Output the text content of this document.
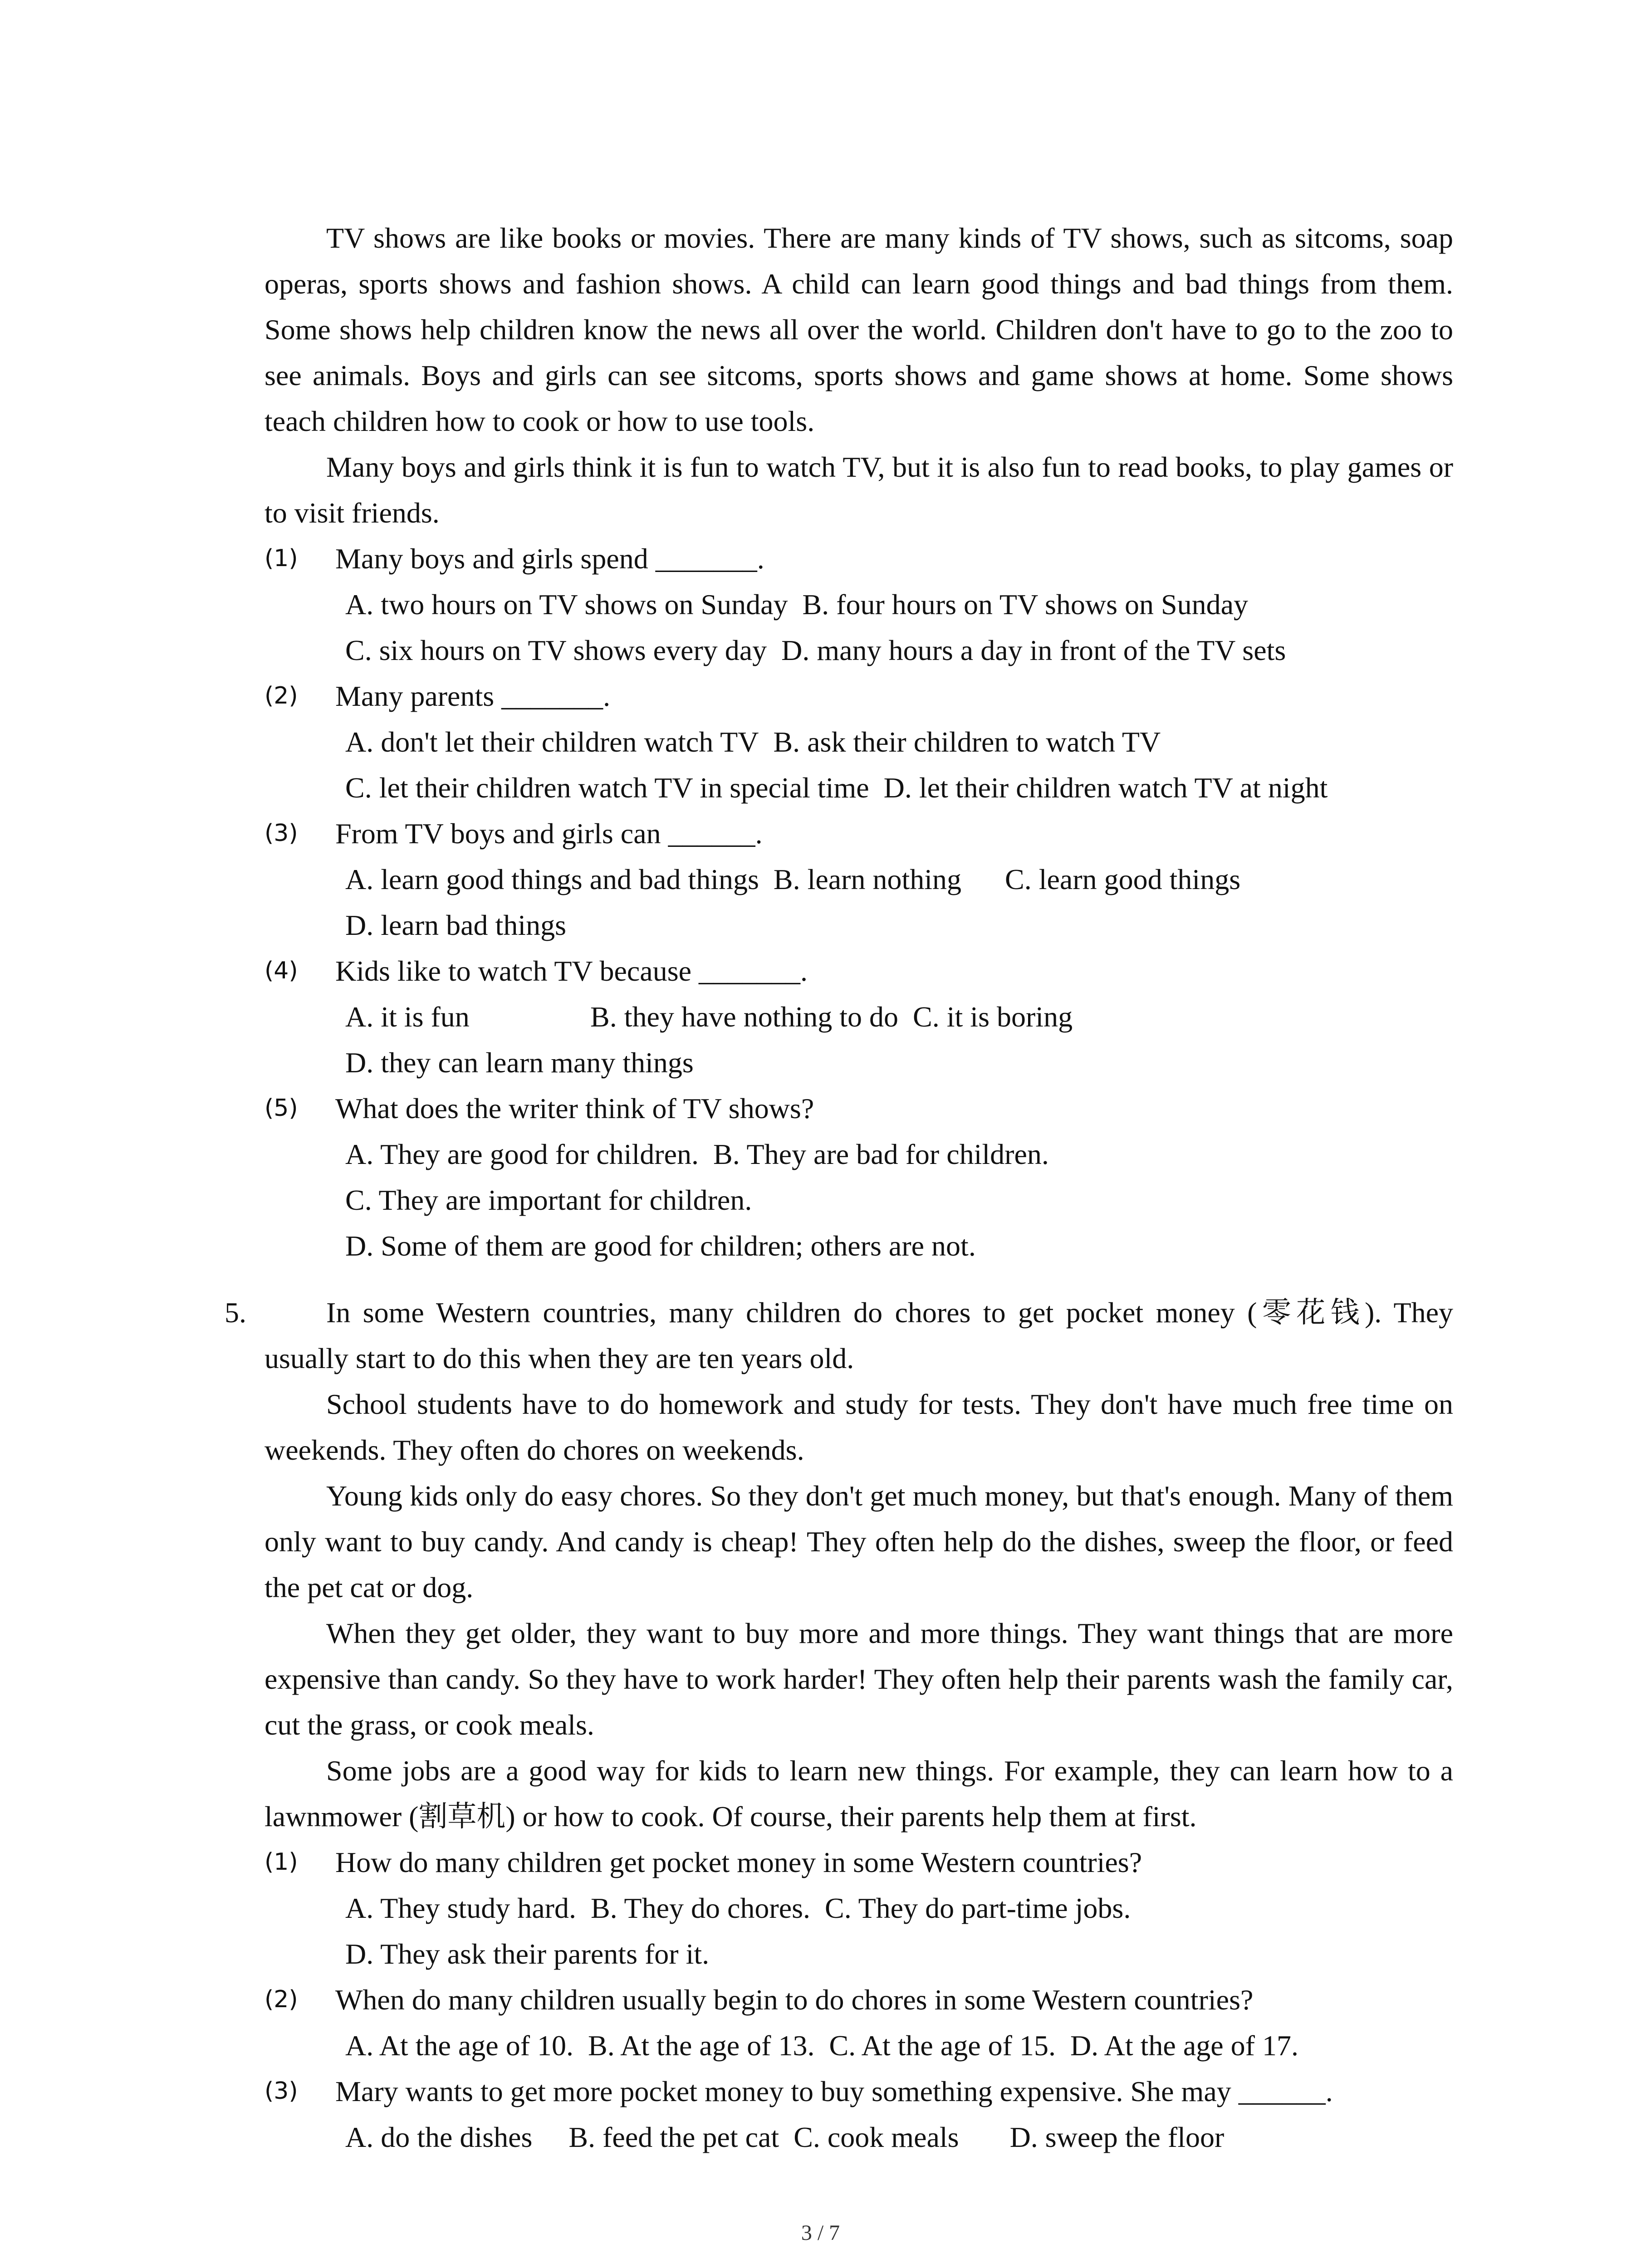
TV shows are like books or movies. There are many kinds of TV shows, such as sitcoms, soap operas, sports shows and fashion shows. A child can learn good things and bad things from them. Some shows help children know the news all over the world. Children don't have to go to the zoo to see animals. Boys and girls can see sitcoms, sports shows and game shows at home. Some shows teach children how to cook or how to use tools.

Many boys and girls think it is fun to watch TV, but it is also fun to read books, to play games or to visit friends.

(1) Many boys and girls spend _______.
A. two hours on TV shows on Sunday B. four hours on TV shows on Sunday
C. six hours on TV shows every day D. many hours a day in front of the TV sets
(2) Many parents _______.
A. don't let their children watch TV B. ask their children to watch TV
C. let their children watch TV in special time D. let their children watch TV at night
(3) From TV boys and girls can ______.
A. learn good things and bad things B. learn nothing C. learn good things
D. learn bad things
(4) Kids like to watch TV because _______.
A. it is fun	B. they have nothing to do C. it is boring
D. they can learn many things
(5) What does the writer think of TV shows?
A. They are good for children. B. They are bad for children.
C. They are important for children.
D. Some of them are good for children; others are not.
5.	In some Western countries, many children do chores to get pocket money (零花钱). They usually start to do this when they are ten years old.

School students have to do homework and study for tests. They don't have much free time on weekends. They often do chores on weekends.

Young kids only do easy chores. So they don't get much money, but that's enough. Many of them only want to buy candy. And candy is cheap! They often help do the dishes, sweep the floor, or feed the pet cat or dog.

When they get older, they want to buy more and more things. They want things that are more expensive than candy. So they have to work harder! They often help their parents wash the family car, cut the grass, or cook meals.

Some jobs are a good way for kids to learn new things. For example, they can learn how to a lawnmower (割草机) or how to cook. Of course, their parents help them at first.

(1) How do many children get pocket money in some Western countries?
A. They study hard. B. They do chores. C. They do part-time jobs.
D. They ask their parents for it.
(2) When do many children usually begin to do chores in some Western countries?
A. At the age of 10. B. At the age of 13. C. At the age of 15. D. At the age of 17.
(3) Mary wants to get more pocket money to buy something expensive. She may ______.
A. do the dishes B. feed the pet cat C. cook meals D. sweep the floor
3 / 7
